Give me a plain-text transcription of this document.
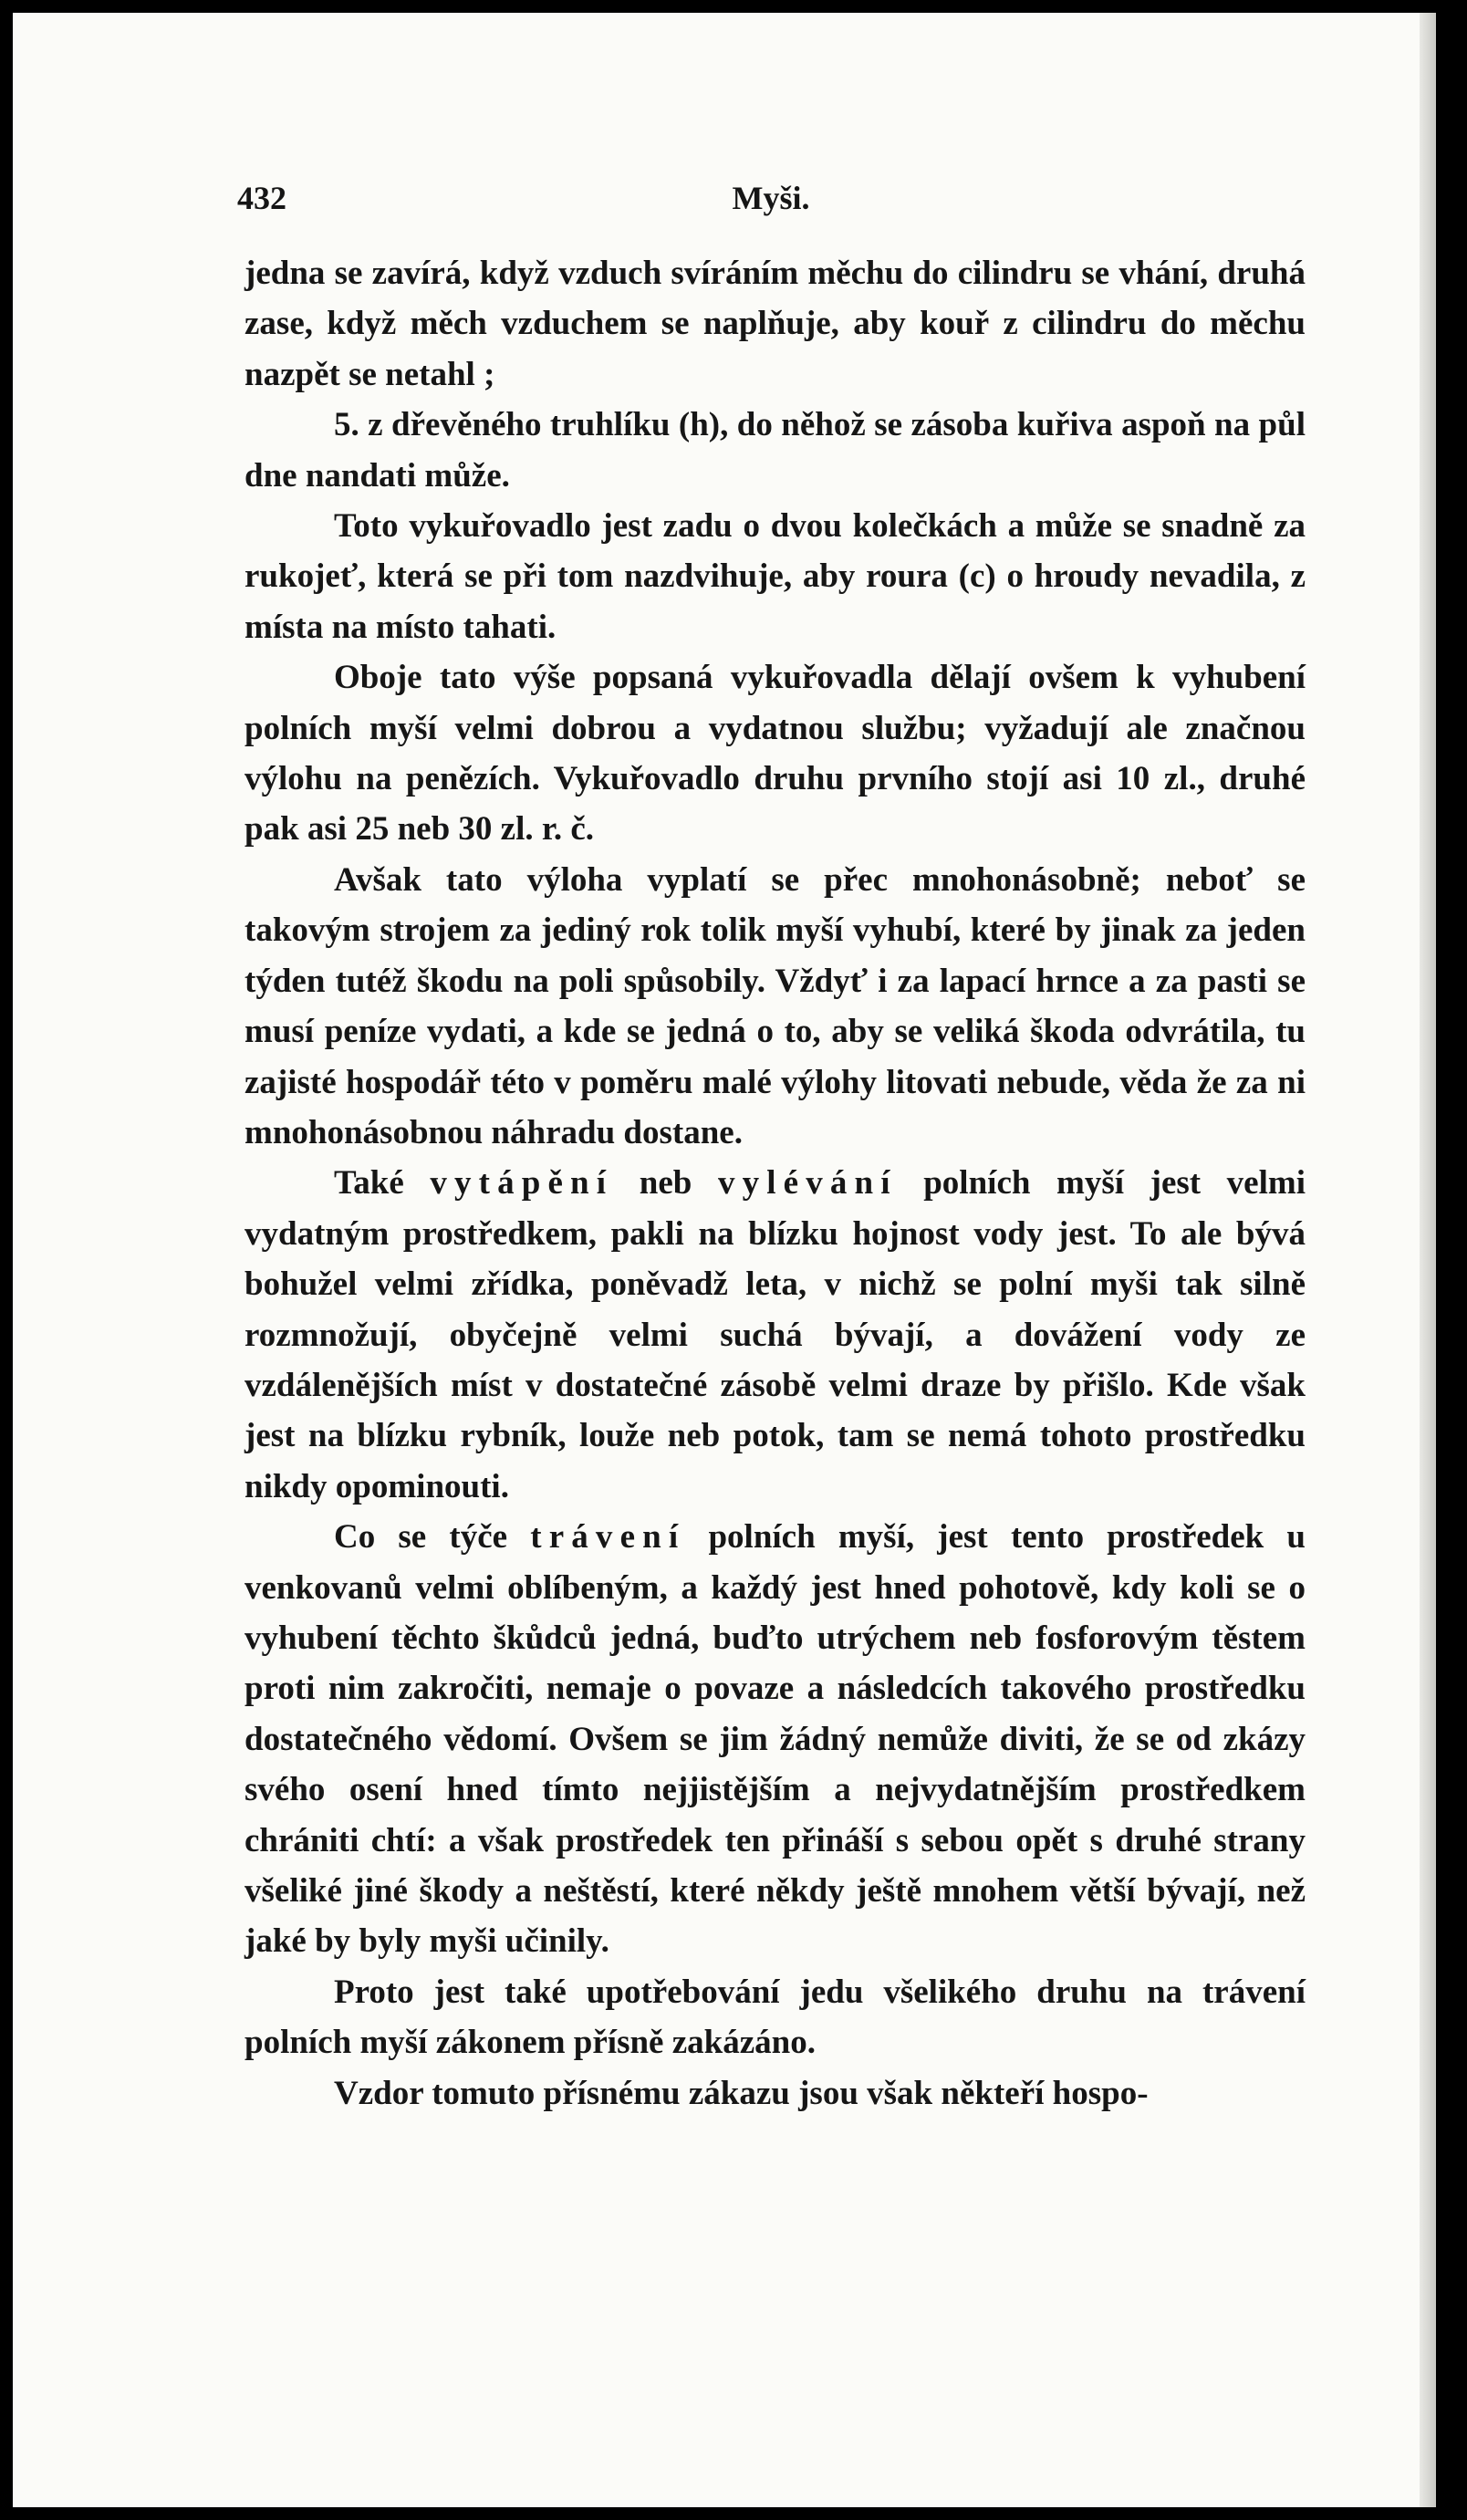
432	Myši.

jedna se zavírá, když vzduch svíráním měchu do cilindru se vhání, druhá zase, když měch vzduchem se naplňuje, aby kouř z cilindru do měchu nazpět se netahl ;

5. z dřevěného truhlíku (h), do něhož se zásoba kuřiva aspoň na půl dne nandati může.

Toto vykuřovadlo jest zadu o dvou kolečkách a může se snadně za rukojeť, která se při tom nazdvihuje, aby roura (c) o hroudy nevadila, z místa na místo tahati.

Oboje tato výše popsaná vykuřovadla dělají ovšem k vyhubení polních myší velmi dobrou a vydatnou službu; vyžadují ale značnou výlohu na penězích. Vykuřovadlo druhu prvního stojí asi 10 zl., druhé pak asi 25 neb 30 zl. r. č.

Avšak tato výloha vyplatí se přec mnohonásobně; neboť se takovým strojem za jediný rok tolik myší vyhubí, které by jinak za jeden týden tutéž škodu na poli spůsobily. Vždyť i za lapací hrnce a za pasti se musí peníze vydati, a kde se jedná o to, aby se veliká škoda odvrátila, tu zajisté hospodář této v poměru malé výlohy litovati nebude, věda že za ni mnohonásobnou náhradu dostane.

Také vytápění neb vylévání polních myší jest velmi vydatným prostředkem, pakli na blízku hojnost vody jest. To ale bývá bohužel velmi zřídka, poněvadž leta, v nichž se polní myši tak silně rozmnožují, obyčejně velmi suchá bývají, a dovážení vody ze vzdálenějších míst v dostatečné zásobě velmi draze by přišlo. Kde však jest na blízku rybník, louže neb potok, tam se nemá tohoto prostředku nikdy opominouti.

Co se týče trávení polních myší, jest tento prostředek u venkovanů velmi oblíbeným, a každý jest hned pohotově, kdy koli se o vyhubení těchto škůdců jedná, buďto utrýchem neb fosforovým těstem proti nim zakročiti, nemaje o povaze a následcích takového prostředku dostatečného vědomí. Ovšem se jim žádný nemůže diviti, že se od zkázy svého osení hned tímto nejjistějším a nejvydatnějším prostředkem chrániti chtí: a však prostředek ten přináší s sebou opět s druhé strany všeliké jiné škody a neštěstí, které někdy ještě mnohem větší bývají, než jaké by byly myši učinily.

Proto jest také upotřebování jedu všelikého druhu na trávení polních myší zákonem přísně zakázáno.

Vzdor tomuto přísnému zákazu jsou však někteří hospo-
